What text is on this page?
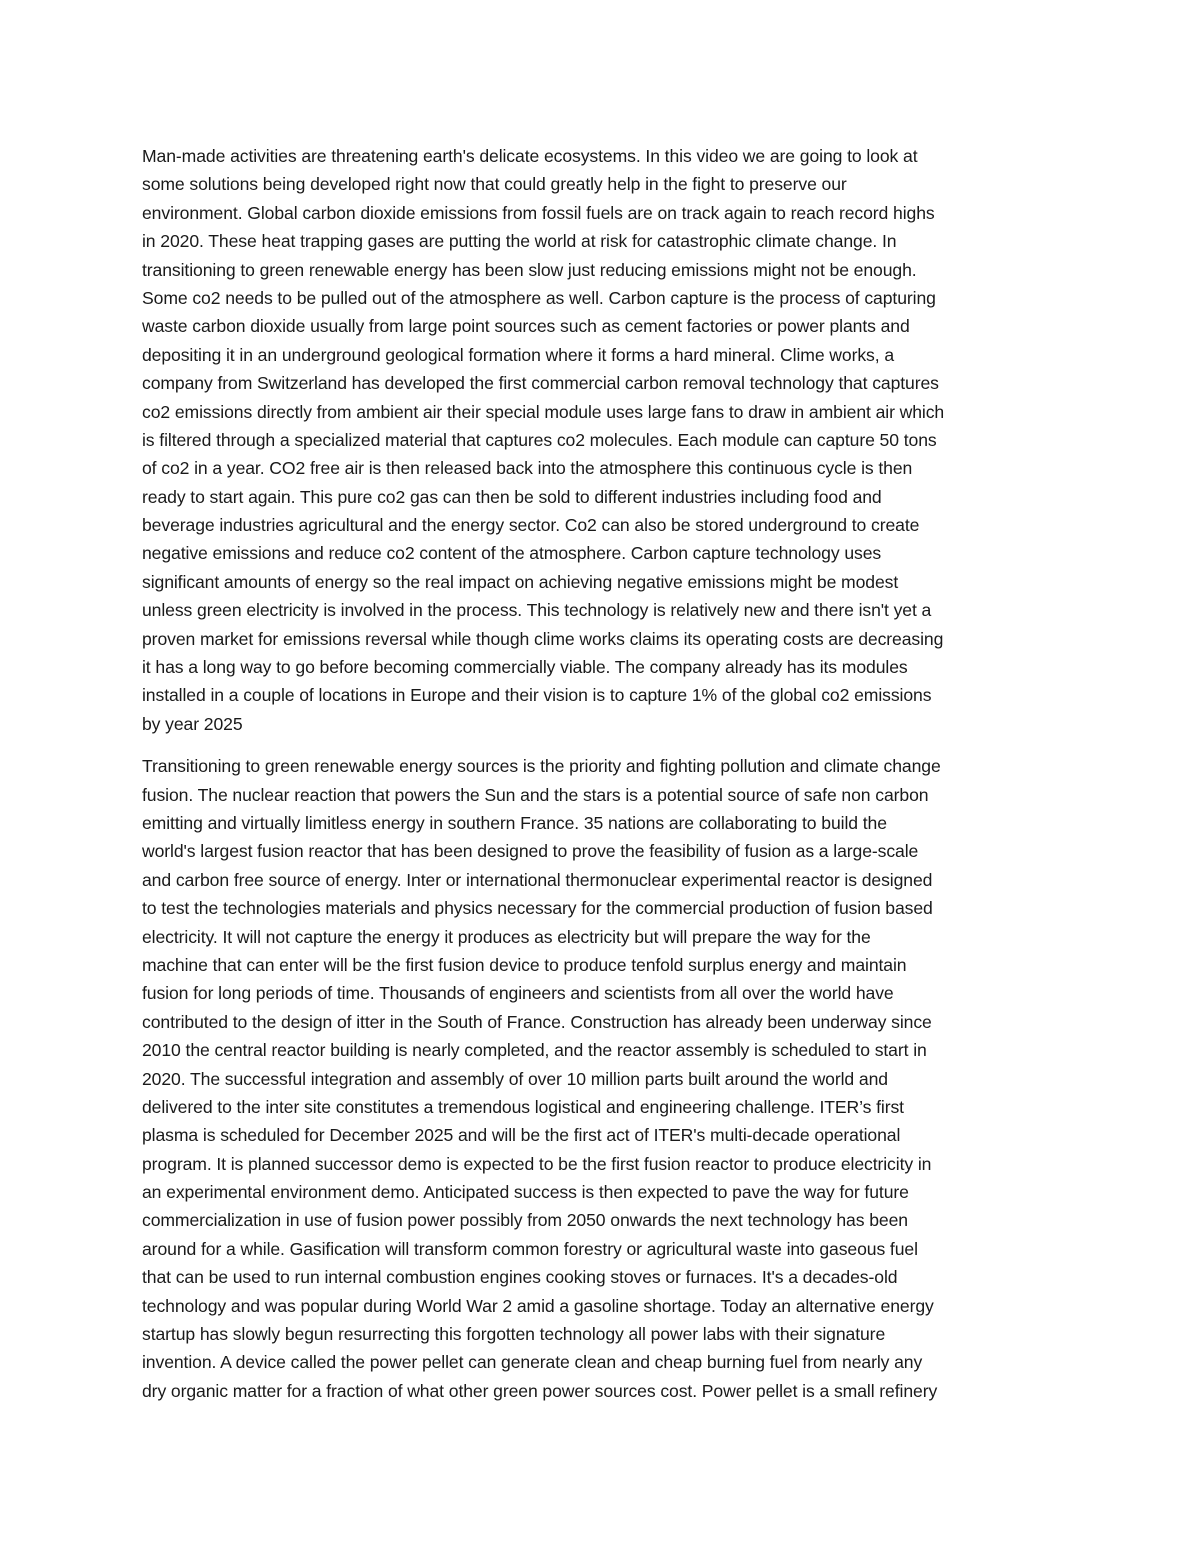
Man-made activities are threatening earth's delicate ecosystems. In this video we are going to look at
some solutions being developed right now that could greatly help in the fight to preserve our
environment. Global carbon dioxide emissions from fossil fuels are on track again to reach record highs
in 2020. These heat trapping gases are putting the world at risk for catastrophic climate change. In
transitioning to green renewable energy has been slow just reducing emissions might not be enough.
Some co2 needs to be pulled out of the atmosphere as well. Carbon capture is the process of capturing
waste carbon dioxide usually from large point sources such as cement factories or power plants and
depositing it in an underground geological formation where it forms a hard mineral. Clime works, a
company from Switzerland has developed the first commercial carbon removal technology that captures
co2 emissions directly from ambient air their special module uses large fans to draw in ambient air which
is filtered through a specialized material that captures co2 molecules. Each module can capture 50 tons
of co2 in a year. CO2 free air is then released back into the atmosphere this continuous cycle is then
ready to start again. This pure co2 gas can then be sold to different industries including food and
beverage industries agricultural and the energy sector. Co2 can also be stored underground to create
negative emissions and reduce co2 content of the atmosphere. Carbon capture technology uses
significant amounts of energy so the real impact on achieving negative emissions might be modest
unless green electricity is involved in the process. This technology is relatively new and there isn't yet a
proven market for emissions reversal while though clime works claims its operating costs are decreasing
it has a long way to go before becoming commercially viable. The company already has its modules
installed in a couple of locations in Europe and their vision is to capture 1% of the global co2 emissions
by year 2025
Transitioning to green renewable energy sources is the priority and fighting pollution and climate change
fusion. The nuclear reaction that powers the Sun and the stars is a potential source of safe non carbon
emitting and virtually limitless energy in southern France. 35 nations are collaborating to build the
world's largest fusion reactor that has been designed to prove the feasibility of fusion as a large-scale
and carbon free source of energy. Inter or international thermonuclear experimental reactor is designed
to test the technologies materials and physics necessary for the commercial production of fusion based
electricity. It will not capture the energy it produces as electricity but will prepare the way for the
machine that can enter will be the first fusion device to produce tenfold surplus energy and maintain
fusion for long periods of time. Thousands of engineers and scientists from all over the world have
contributed to the design of itter in the South of France. Construction has already been underway since
2010 the central reactor building is nearly completed, and the reactor assembly is scheduled to start in
2020. The successful integration and assembly of over 10 million parts built around the world and
delivered to the inter site constitutes a tremendous logistical and engineering challenge. ITER’s first
plasma is scheduled for December 2025 and will be the first act of ITER's multi-decade operational
program. It is planned successor demo is expected to be the first fusion reactor to produce electricity in
an experimental environment demo. Anticipated success is then expected to pave the way for future
commercialization in use of fusion power possibly from 2050 onwards the next technology has been
around for a while. Gasification will transform common forestry or agricultural waste into gaseous fuel
that can be used to run internal combustion engines cooking stoves or furnaces. It's a decades-old
technology and was popular during World War 2 amid a gasoline shortage. Today an alternative energy
startup has slowly begun resurrecting this forgotten technology all power labs with their signature
invention. A device called the power pellet can generate clean and cheap burning fuel from nearly any
dry organic matter for a fraction of what other green power sources cost. Power pellet is a small refinery
